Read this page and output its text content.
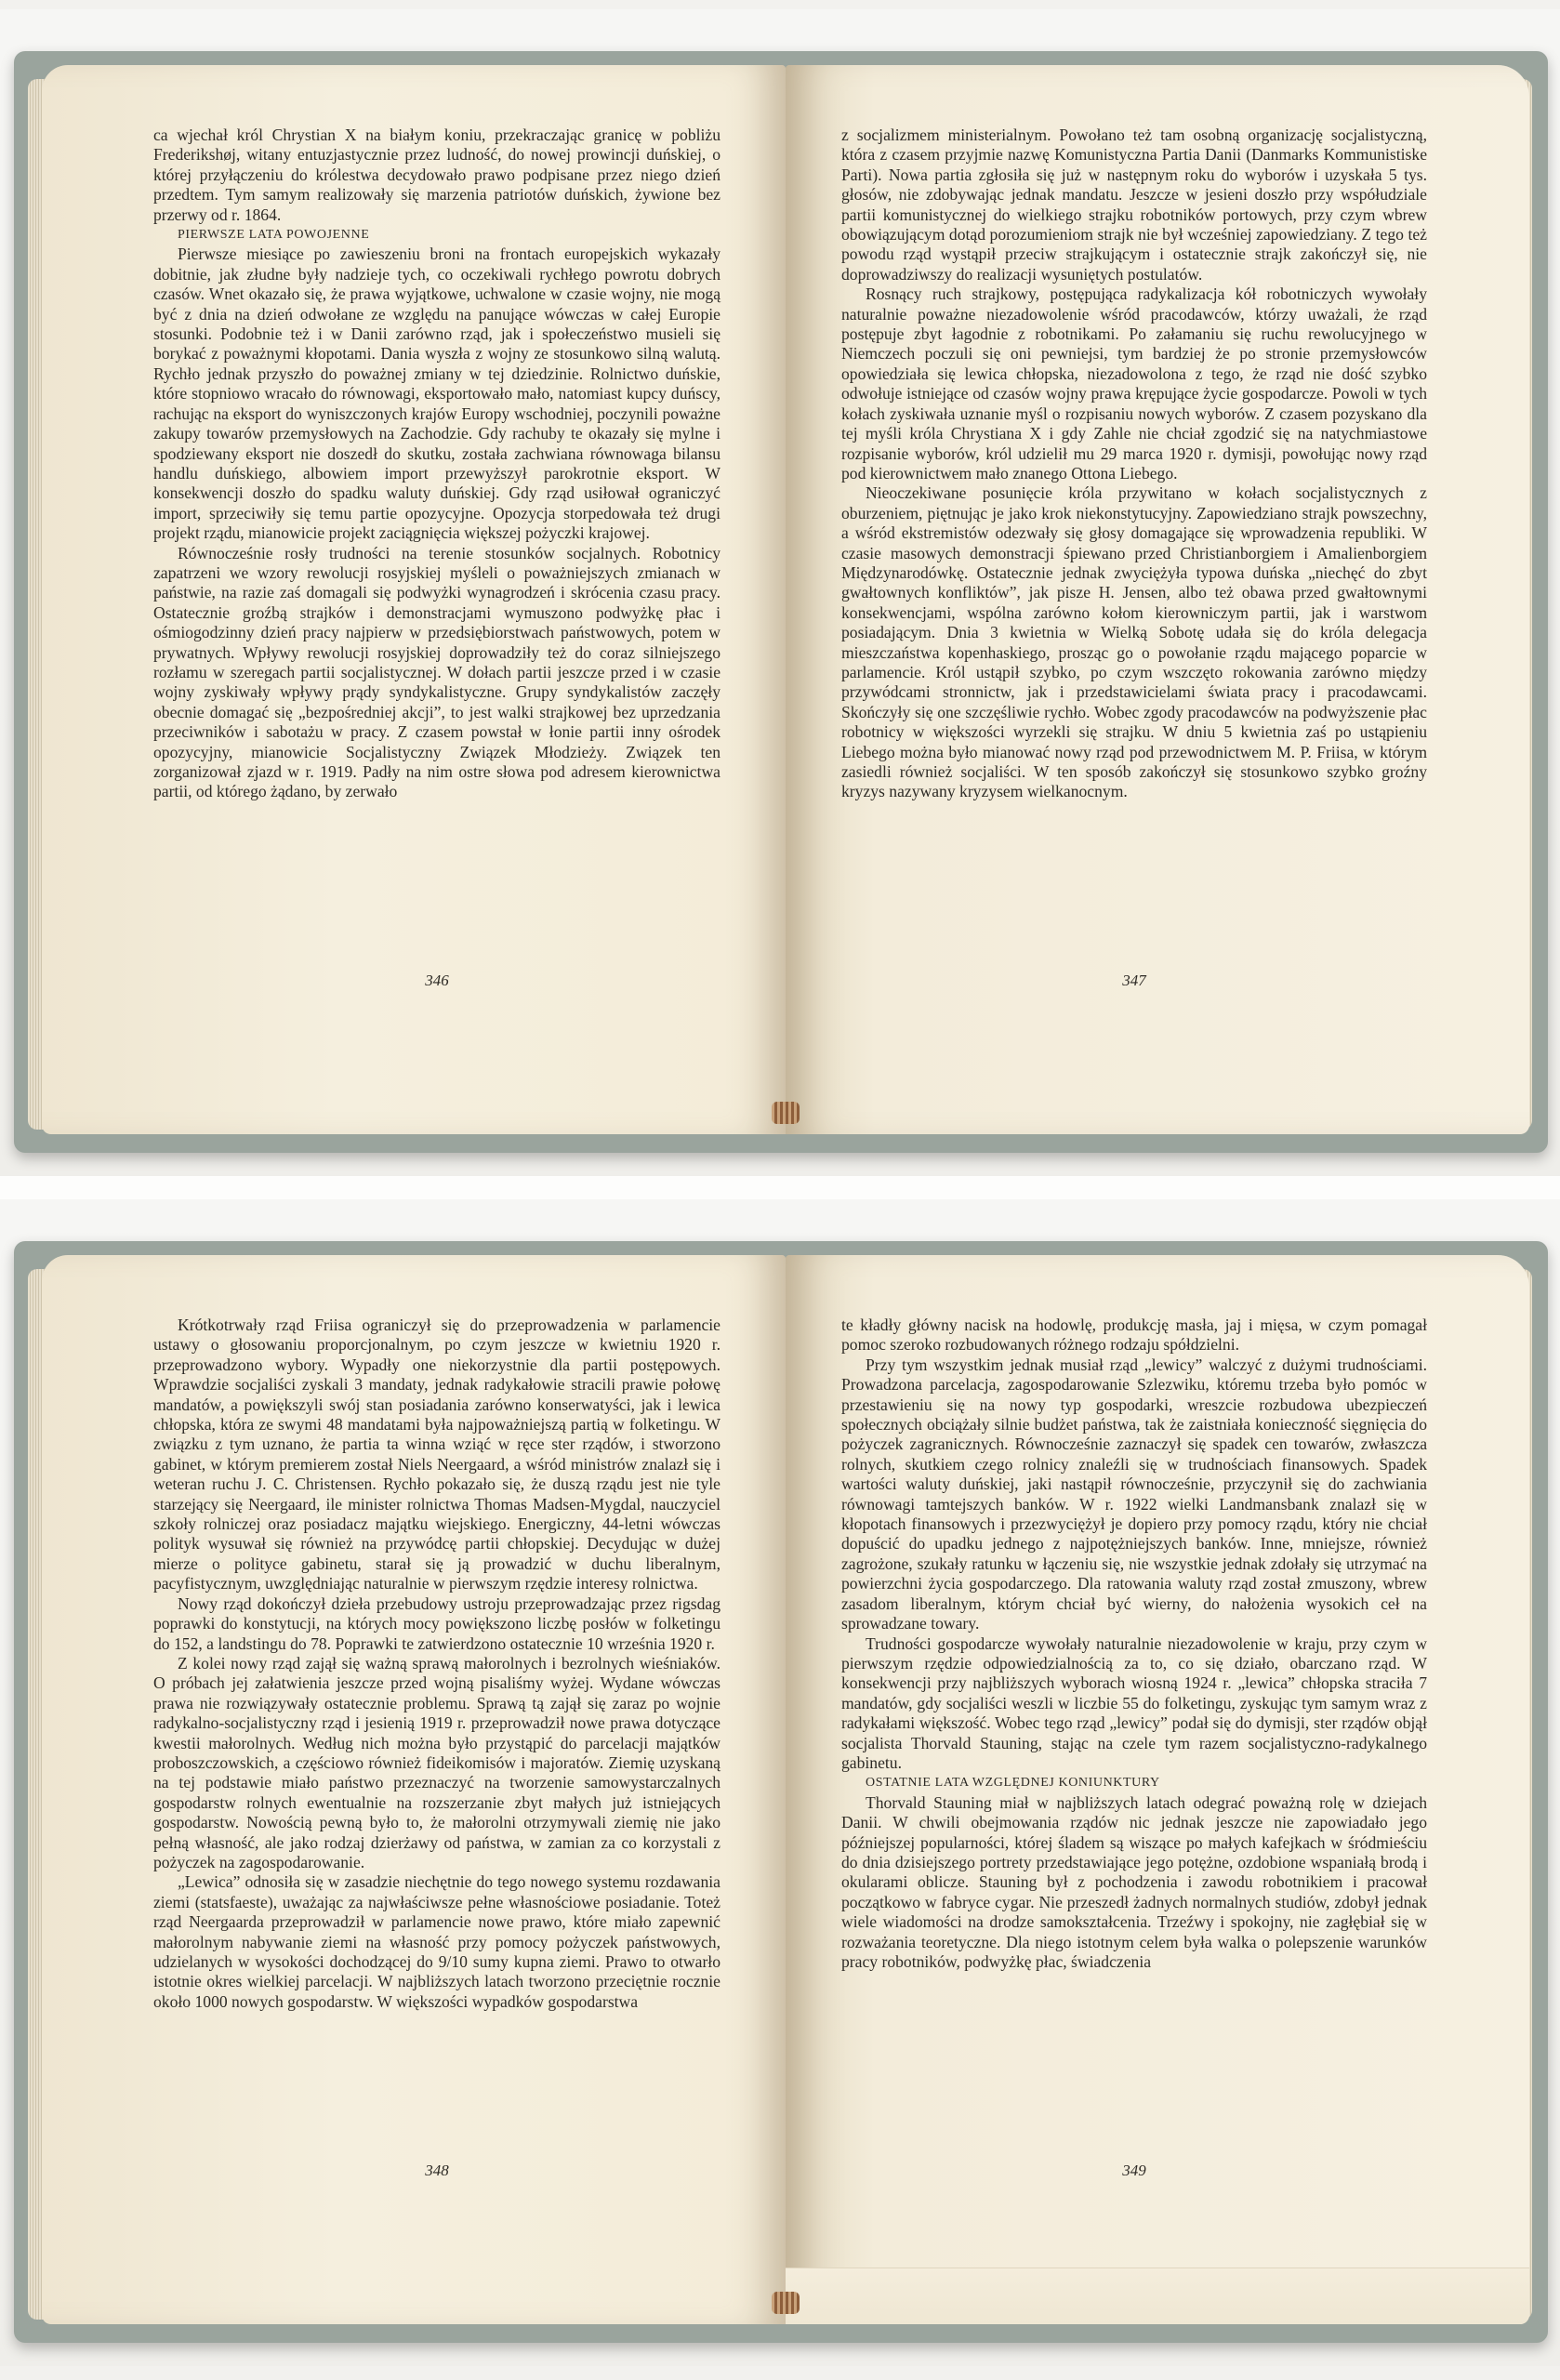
ca wjechał król Chrystian X na białym koniu, przekraczając granicę w pobliżu Frederikshøj, witany entuzjastycznie przez ludność, do nowej prowincji duńskiej, o której przyłączeniu do królestwa decydowało prawo podpisane przez niego dzień przedtem. Tym samym realizowały się marzenia patriotów duńskich, żywione bez przerwy od r. 1864.

PIERWSZE LATA POWOJENNE

Pierwsze miesiące po zawieszeniu broni na frontach europejskich wykazały dobitnie, jak złudne były nadzieje tych, co oczekiwali rychłego powrotu dobrych czasów. Wnet okazało się, że prawa wyjątkowe, uchwalone w czasie wojny, nie mogą być z dnia na dzień odwołane ze względu na panujące wówczas w całej Europie stosunki. Podobnie też i w Danii zarówno rząd, jak i społeczeństwo musieli się borykać z poważnymi kłopotami. Dania wyszła z wojny ze stosunkowo silną walutą. Rychło jednak przyszło do poważnej zmiany w tej dziedzinie. Rolnictwo duńskie, które stopniowo wracało do równowagi, eksportowało mało, natomiast kupcy duńscy, rachując na eksport do wyniszczonych krajów Europy wschodniej, poczynili poważne zakupy towarów przemysłowych na Zachodzie. Gdy rachuby te okazały się mylne i spodziewany eksport nie doszedł do skutku, została zachwiana równowaga bilansu handlu duńskiego, albowiem import przewyższył parokrotnie eksport. W konsekwencji doszło do spadku waluty duńskiej. Gdy rząd usiłował ograniczyć import, sprzeciwiły się temu partie opozycyjne. Opozycja storpedowała też drugi projekt rządu, mianowicie projekt zaciągnięcia większej pożyczki krajowej.

Równocześnie rosły trudności na terenie stosunków socjalnych. Robotnicy zapatrzeni we wzory rewolucji rosyjskiej myśleli o poważniejszych zmianach w państwie, na razie zaś domagali się podwyżki wynagrodzeń i skrócenia czasu pracy. Ostatecznie groźbą strajków i demonstracjami wymuszono podwyżkę płac i ośmiogodzinny dzień pracy najpierw w przedsiębiorstwach państwowych, potem w prywatnych. Wpływy rewolucji rosyjskiej doprowadziły też do coraz silniejszego rozłamu w szeregach partii socjalistycznej. W dołach partii jeszcze przed i w czasie wojny zyskiwały wpływy prądy syndykalistyczne. Grupy syndykalistów zaczęły obecnie domagać się „bezpośredniej akcji”, to jest walki strajkowej bez uprzedzania przeciwników i sabotażu w pracy. Z czasem powstał w łonie partii inny ośrodek opozycyjny, mianowicie Socjalistyczny Związek Młodzieży. Związek ten zorganizował zjazd w r. 1919. Padły na nim ostre słowa pod adresem kierownictwa partii, od którego żądano, by zerwało

346

z socjalizmem ministerialnym. Powołano też tam osobną organizację socjalistyczną, która z czasem przyjmie nazwę Komunistyczna Partia Danii (Danmarks Kommunistiske Parti). Nowa partia zgłosiła się już w następnym roku do wyborów i uzyskała 5 tys. głosów, nie zdobywając jednak mandatu. Jeszcze w jesieni doszło przy współudziale partii komunistycznej do wielkiego strajku robotników portowych, przy czym wbrew obowiązującym dotąd porozumieniom strajk nie był wcześniej zapowiedziany. Z tego też powodu rząd wystąpił przeciw strajkującym i ostatecznie strajk zakończył się, nie doprowadziwszy do realizacji wysuniętych postulatów.

Rosnący ruch strajkowy, postępująca radykalizacja kół robotniczych wywołały naturalnie poważne niezadowolenie wśród pracodawców, którzy uważali, że rząd postępuje zbyt łagodnie z robotnikami. Po załamaniu się ruchu rewolucyjnego w Niemczech poczuli się oni pewniejsi, tym bardziej że po stronie przemysłowców opowiedziała się lewica chłopska, niezadowolona z tego, że rząd nie dość szybko odwołuje istniejące od czasów wojny prawa krępujące życie gospodarcze. Powoli w tych kołach zyskiwała uznanie myśl o rozpisaniu nowych wyborów. Z czasem pozyskano dla tej myśli króla Chrystiana X i gdy Zahle nie chciał zgodzić się na natychmiastowe rozpisanie wyborów, król udzielił mu 29 marca 1920 r. dymisji, powołując nowy rząd pod kierownictwem mało znanego Ottona Liebego.

Nieoczekiwane posunięcie króla przywitano w kołach socjalistycznych z oburzeniem, piętnując je jako krok niekonstytucyjny. Zapowiedziano strajk powszechny, a wśród ekstremistów odezwały się głosy domagające się wprowadzenia republiki. W czasie masowych demonstracji śpiewano przed Christianborgiem i Amalienborgiem Międzynarodówkę. Ostatecznie jednak zwyciężyła typowa duńska „niechęć do zbyt gwałtownych konfliktów”, jak pisze H. Jensen, albo też obawa przed gwałtownymi konsekwencjami, wspólna zarówno kołom kierowniczym partii, jak i warstwom posiadającym. Dnia 3 kwietnia w Wielką Sobotę udała się do króla delegacja mieszczaństwa kopenhaskiego, prosząc go o powołanie rządu mającego poparcie w parlamencie. Król ustąpił szybko, po czym wszczęto rokowania zarówno między przywódcami stronnictw, jak i przedstawicielami świata pracy i pracodawcami. Skończyły się one szczęśliwie rychło. Wobec zgody pracodawców na podwyższenie płac robotnicy w większości wyrzekli się strajku. W dniu 5 kwietnia zaś po ustąpieniu Liebego można było mianować nowy rząd pod przewodnictwem M. P. Friisa, w którym zasiedli również socjaliści. W ten sposób zakończył się stosunkowo szybko groźny kryzys nazywany kryzysem wielkanocnym.

347

Krótkotrwały rząd Friisa ograniczył się do przeprowadzenia w parlamencie ustawy o głosowaniu proporcjonalnym, po czym jeszcze w kwietniu 1920 r. przeprowadzono wybory. Wypadły one niekorzystnie dla partii postępowych. Wprawdzie socjaliści zyskali 3 mandaty, jednak radykałowie stracili prawie połowę mandatów, a powiększyli swój stan posiadania zarówno konserwatyści, jak i lewica chłopska, która ze swymi 48 mandatami była najpoważniejszą partią w folketingu. W związku z tym uznano, że partia ta winna wziąć w ręce ster rządów, i stworzono gabinet, w którym premierem został Niels Neergaard, a wśród ministrów znalazł się i weteran ruchu J. C. Christensen. Rychło pokazało się, że duszą rządu jest nie tyle starzejący się Neergaard, ile minister rolnictwa Thomas Madsen-Mygdal, nauczyciel szkoły rolniczej oraz posiadacz majątku wiejskiego. Energiczny, 44-letni wówczas polityk wysuwał się również na przywódcę partii chłopskiej. Decydując w dużej mierze o polityce gabinetu, starał się ją prowadzić w duchu liberalnym, pacyfistycznym, uwzględniając naturalnie w pierwszym rzędzie interesy rolnictwa.

Nowy rząd dokończył dzieła przebudowy ustroju przeprowadzając przez rigsdag poprawki do konstytucji, na których mocy powiększono liczbę posłów w folketingu do 152, a landstingu do 78. Poprawki te zatwierdzono ostatecznie 10 września 1920 r.

Z kolei nowy rząd zajął się ważną sprawą małorolnych i bezrolnych wieśniaków. O próbach jej załatwienia jeszcze przed wojną pisaliśmy wyżej. Wydane wówczas prawa nie rozwiązywały ostatecznie problemu. Sprawą tą zajął się zaraz po wojnie radykalno-socjalistyczny rząd i jesienią 1919 r. przeprowadził nowe prawa dotyczące kwestii małorolnych. Według nich można było przystąpić do parcelacji majątków proboszczowskich, a częściowo również fideikomisów i majoratów. Ziemię uzyskaną na tej podstawie miało państwo przeznaczyć na tworzenie samowystarczalnych gospodarstw rolnych ewentualnie na rozszerzanie zbyt małych już istniejących gospodarstw. Nowością pewną było to, że małorolni otrzymywali ziemię nie jako pełną własność, ale jako rodzaj dzierżawy od państwa, w zamian za co korzystali z pożyczek na zagospodarowanie.

„Lewica” odnosiła się w zasadzie niechętnie do tego nowego systemu rozdawania ziemi (statsfaeste), uważając za najwłaściwsze pełne własnościowe posiadanie. Toteż rząd Neergaarda przeprowadził w parlamencie nowe prawo, które miało zapewnić małorolnym nabywanie ziemi na własność przy pomocy pożyczek państwowych, udzielanych w wysokości dochodzącej do 9/10 sumy kupna ziemi. Prawo to otwarło istotnie okres wielkiej parcelacji. W najbliższych latach tworzono przeciętnie rocznie około 1000 nowych gospodarstw. W większości wypadków gospodarstwa

348

te kładły główny nacisk na hodowlę, produkcję masła, jaj i mięsa, w czym pomagał pomoc szeroko rozbudowanych różnego rodzaju spółdzielni.

Przy tym wszystkim jednak musiał rząd „lewicy” walczyć z dużymi trudnościami. Prowadzona parcelacja, zagospodarowanie Szlezwiku, któremu trzeba było pomóc w przestawieniu się na nowy typ gospodarki, wreszcie rozbudowa ubezpieczeń społecznych obciążały silnie budżet państwa, tak że zaistniała konieczność sięgnięcia do pożyczek zagranicznych. Równocześnie zaznaczył się spadek cen towarów, zwłaszcza rolnych, skutkiem czego rolnicy znaleźli się w trudnościach finansowych. Spadek wartości waluty duńskiej, jaki nastąpił równocześnie, przyczynił się do zachwiania równowagi tamtejszych banków. W r. 1922 wielki Landmansbank znalazł się w kłopotach finansowych i przezwyciężył je dopiero przy pomocy rządu, który nie chciał dopuścić do upadku jednego z najpotężniejszych banków. Inne, mniejsze, również zagrożone, szukały ratunku w łączeniu się, nie wszystkie jednak zdołały się utrzymać na powierzchni życia gospodarczego. Dla ratowania waluty rząd został zmuszony, wbrew zasadom liberalnym, którym chciał być wierny, do nałożenia wysokich ceł na sprowadzane towary.

Trudności gospodarcze wywołały naturalnie niezadowolenie w kraju, przy czym w pierwszym rzędzie odpowiedzialnością za to, co się działo, obarczano rząd. W konsekwencji przy najbliższych wyborach wiosną 1924 r. „lewica” chłopska straciła 7 mandatów, gdy socjaliści weszli w liczbie 55 do folketingu, zyskując tym samym wraz z radykałami większość. Wobec tego rząd „lewicy” podał się do dymisji, ster rządów objął socjalista Thorvald Stauning, stając na czele tym razem socjalistyczno-radykalnego gabinetu.

OSTATNIE LATA WZGLĘDNEJ KONIUNKTURY

Thorvald Stauning miał w najbliższych latach odegrać poważną rolę w dziejach Danii. W chwili obejmowania rządów nic jednak jeszcze nie zapowiadało jego późniejszej popularności, której śladem są wiszące po małych kafejkach w śródmieściu do dnia dzisiejszego portrety przedstawiające jego potężne, ozdobione wspaniałą brodą i okularami oblicze. Stauning był z pochodzenia i zawodu robotnikiem i pracował początkowo w fabryce cygar. Nie przeszedł żadnych normalnych studiów, zdobył jednak wiele wiadomości na drodze samokształcenia. Trzeźwy i spokojny, nie zagłębiał się w rozważania teoretyczne. Dla niego istotnym celem była walka o polepszenie warunków pracy robotników, podwyżkę płac, świadczenia

349
